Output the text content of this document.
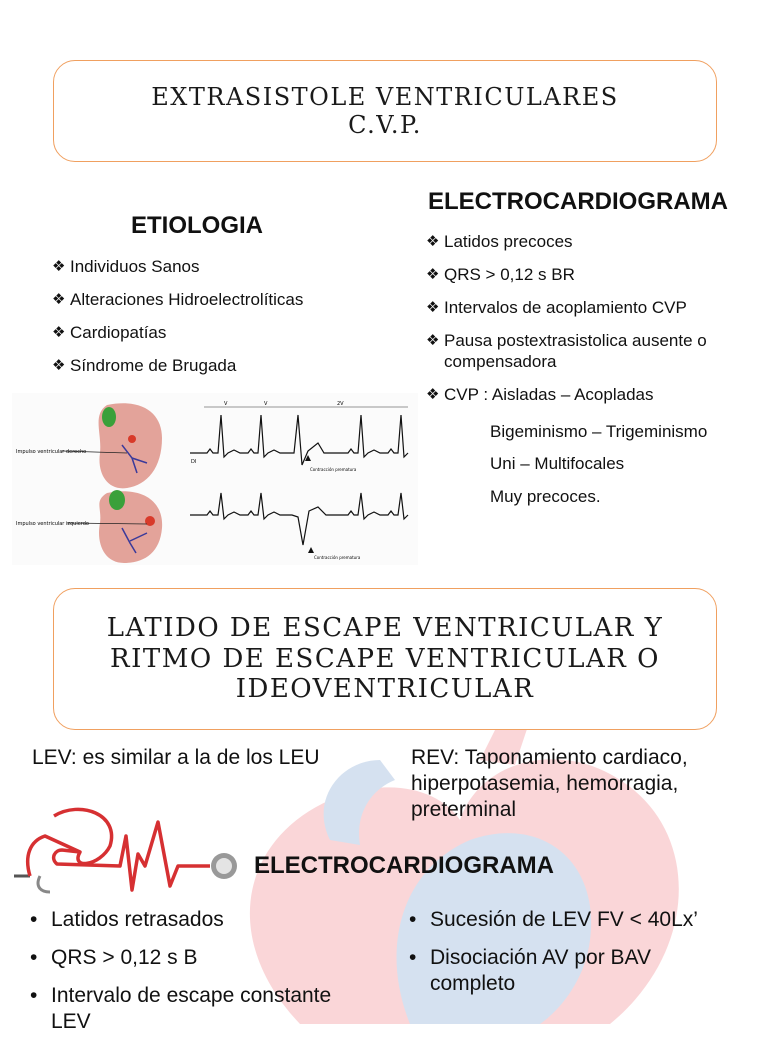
EXTRASISTOLE VENTRICULARES
C.V.P.
ETIOLOGIA
❖ Individuos Sanos
❖ Alteraciones Hidroelectrolíticas
❖ Cardiopatías
❖ Síndrome de Brugada
ELECTROCARDIOGRAMA
❖ Latidos precoces
❖ QRS > 0,12 s BR
❖ Intervalos de acoplamiento CVP
❖ Pausa postextrasistolica ausente o compensadora
❖ CVP : Aisladas – Acopladas
Bigeminismo – Trigeminismo
Uni – Multifocales
Muy precoces.
Impulso ventricular derecho
Impulso ventricular izquierdo
V	V	2V
DI
Contracción prematura
Contracción prematura
LATIDO DE ESCAPE VENTRICULAR Y
RITMO DE ESCAPE VENTRICULAR O
IDEOVENTRICULAR
LEV: es similar a la de los LEU	REV: Taponamiento cardiaco, hiperpotasemia, hemorragia, preterminal
ELECTROCARDIOGRAMA
• Latidos retrasados
• QRS > 0,12 s B
• Intervalo de escape constante LEV
• Sucesión de LEV FV < 40Lx’
• Disociación AV por BAV completo
